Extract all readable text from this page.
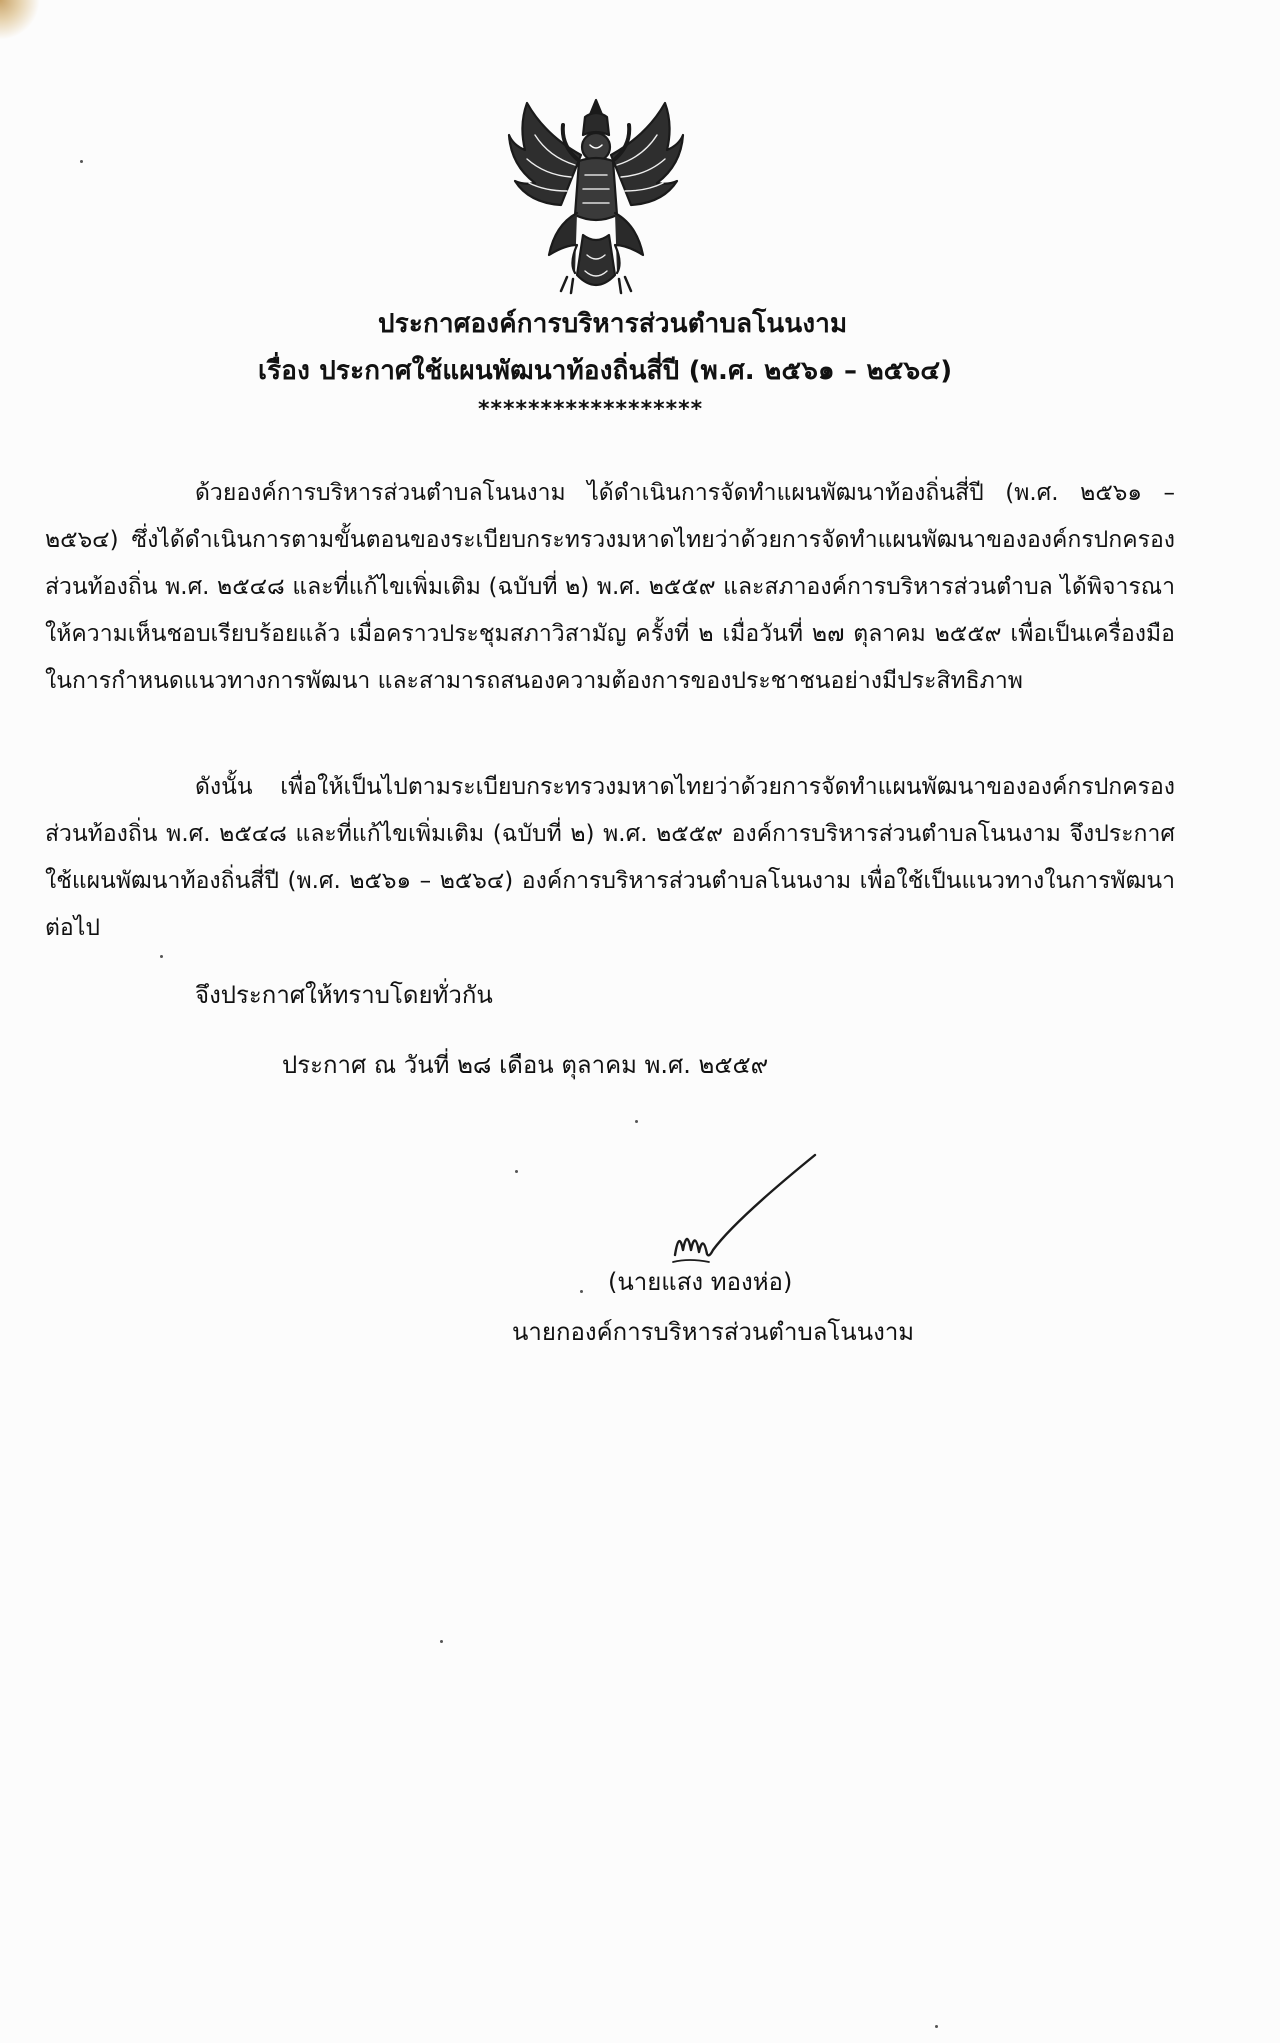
ประกาศองค์การบริหารส่วนตำบลโนนงาม
เรื่อง ประกาศใช้แผนพัฒนาท้องถิ่นสี่ปี (พ.ศ. ๒๕๖๑ – ๒๕๖๔)
******************
ด้วยองค์การบริหารส่วนตำบลโนนงาม ได้ดำเนินการจัดทำแผนพัฒนาท้องถิ่นสี่ปี (พ.ศ. ๒๕๖๑ – ๒๕๖๔) ซึ่งได้ดำเนินการตามขั้นตอนของระเบียบกระทรวงมหาดไทยว่าด้วยการจัดทำแผนพัฒนาขององค์กรปกครองส่วนท้องถิ่น พ.ศ. ๒๕๔๘ และที่แก้ไขเพิ่มเติม (ฉบับที่ ๒) พ.ศ. ๒๕๕๙ และสภาองค์การบริหารส่วนตำบล ได้พิจารณาให้ความเห็นชอบเรียบร้อยแล้ว เมื่อคราวประชุมสภาวิสามัญ ครั้งที่ ๒ เมื่อวันที่ ๒๗ ตุลาคม ๒๕๕๙ เพื่อเป็นเครื่องมือในการกำหนดแนวทางการพัฒนา และสามารถสนองความต้องการของประชาชนอย่างมีประสิทธิภาพ
ดังนั้น เพื่อให้เป็นไปตามระเบียบกระทรวงมหาดไทยว่าด้วยการจัดทำแผนพัฒนาขององค์กรปกครองส่วนท้องถิ่น พ.ศ. ๒๕๔๘ และที่แก้ไขเพิ่มเติม (ฉบับที่ ๒) พ.ศ. ๒๕๕๙ องค์การบริหารส่วนตำบลโนนงาม จึงประกาศใช้แผนพัฒนาท้องถิ่นสี่ปี (พ.ศ. ๒๕๖๑ – ๒๕๖๔) องค์การบริหารส่วนตำบลโนนงาม เพื่อใช้เป็นแนวทางในการพัฒนาต่อไป
จึงประกาศให้ทราบโดยทั่วกัน
ประกาศ ณ วันที่ ๒๘ เดือน ตุลาคม พ.ศ. ๒๕๕๙
(นายแสง ทองห่อ)
นายกองค์การบริหารส่วนตำบลโนนงาม
